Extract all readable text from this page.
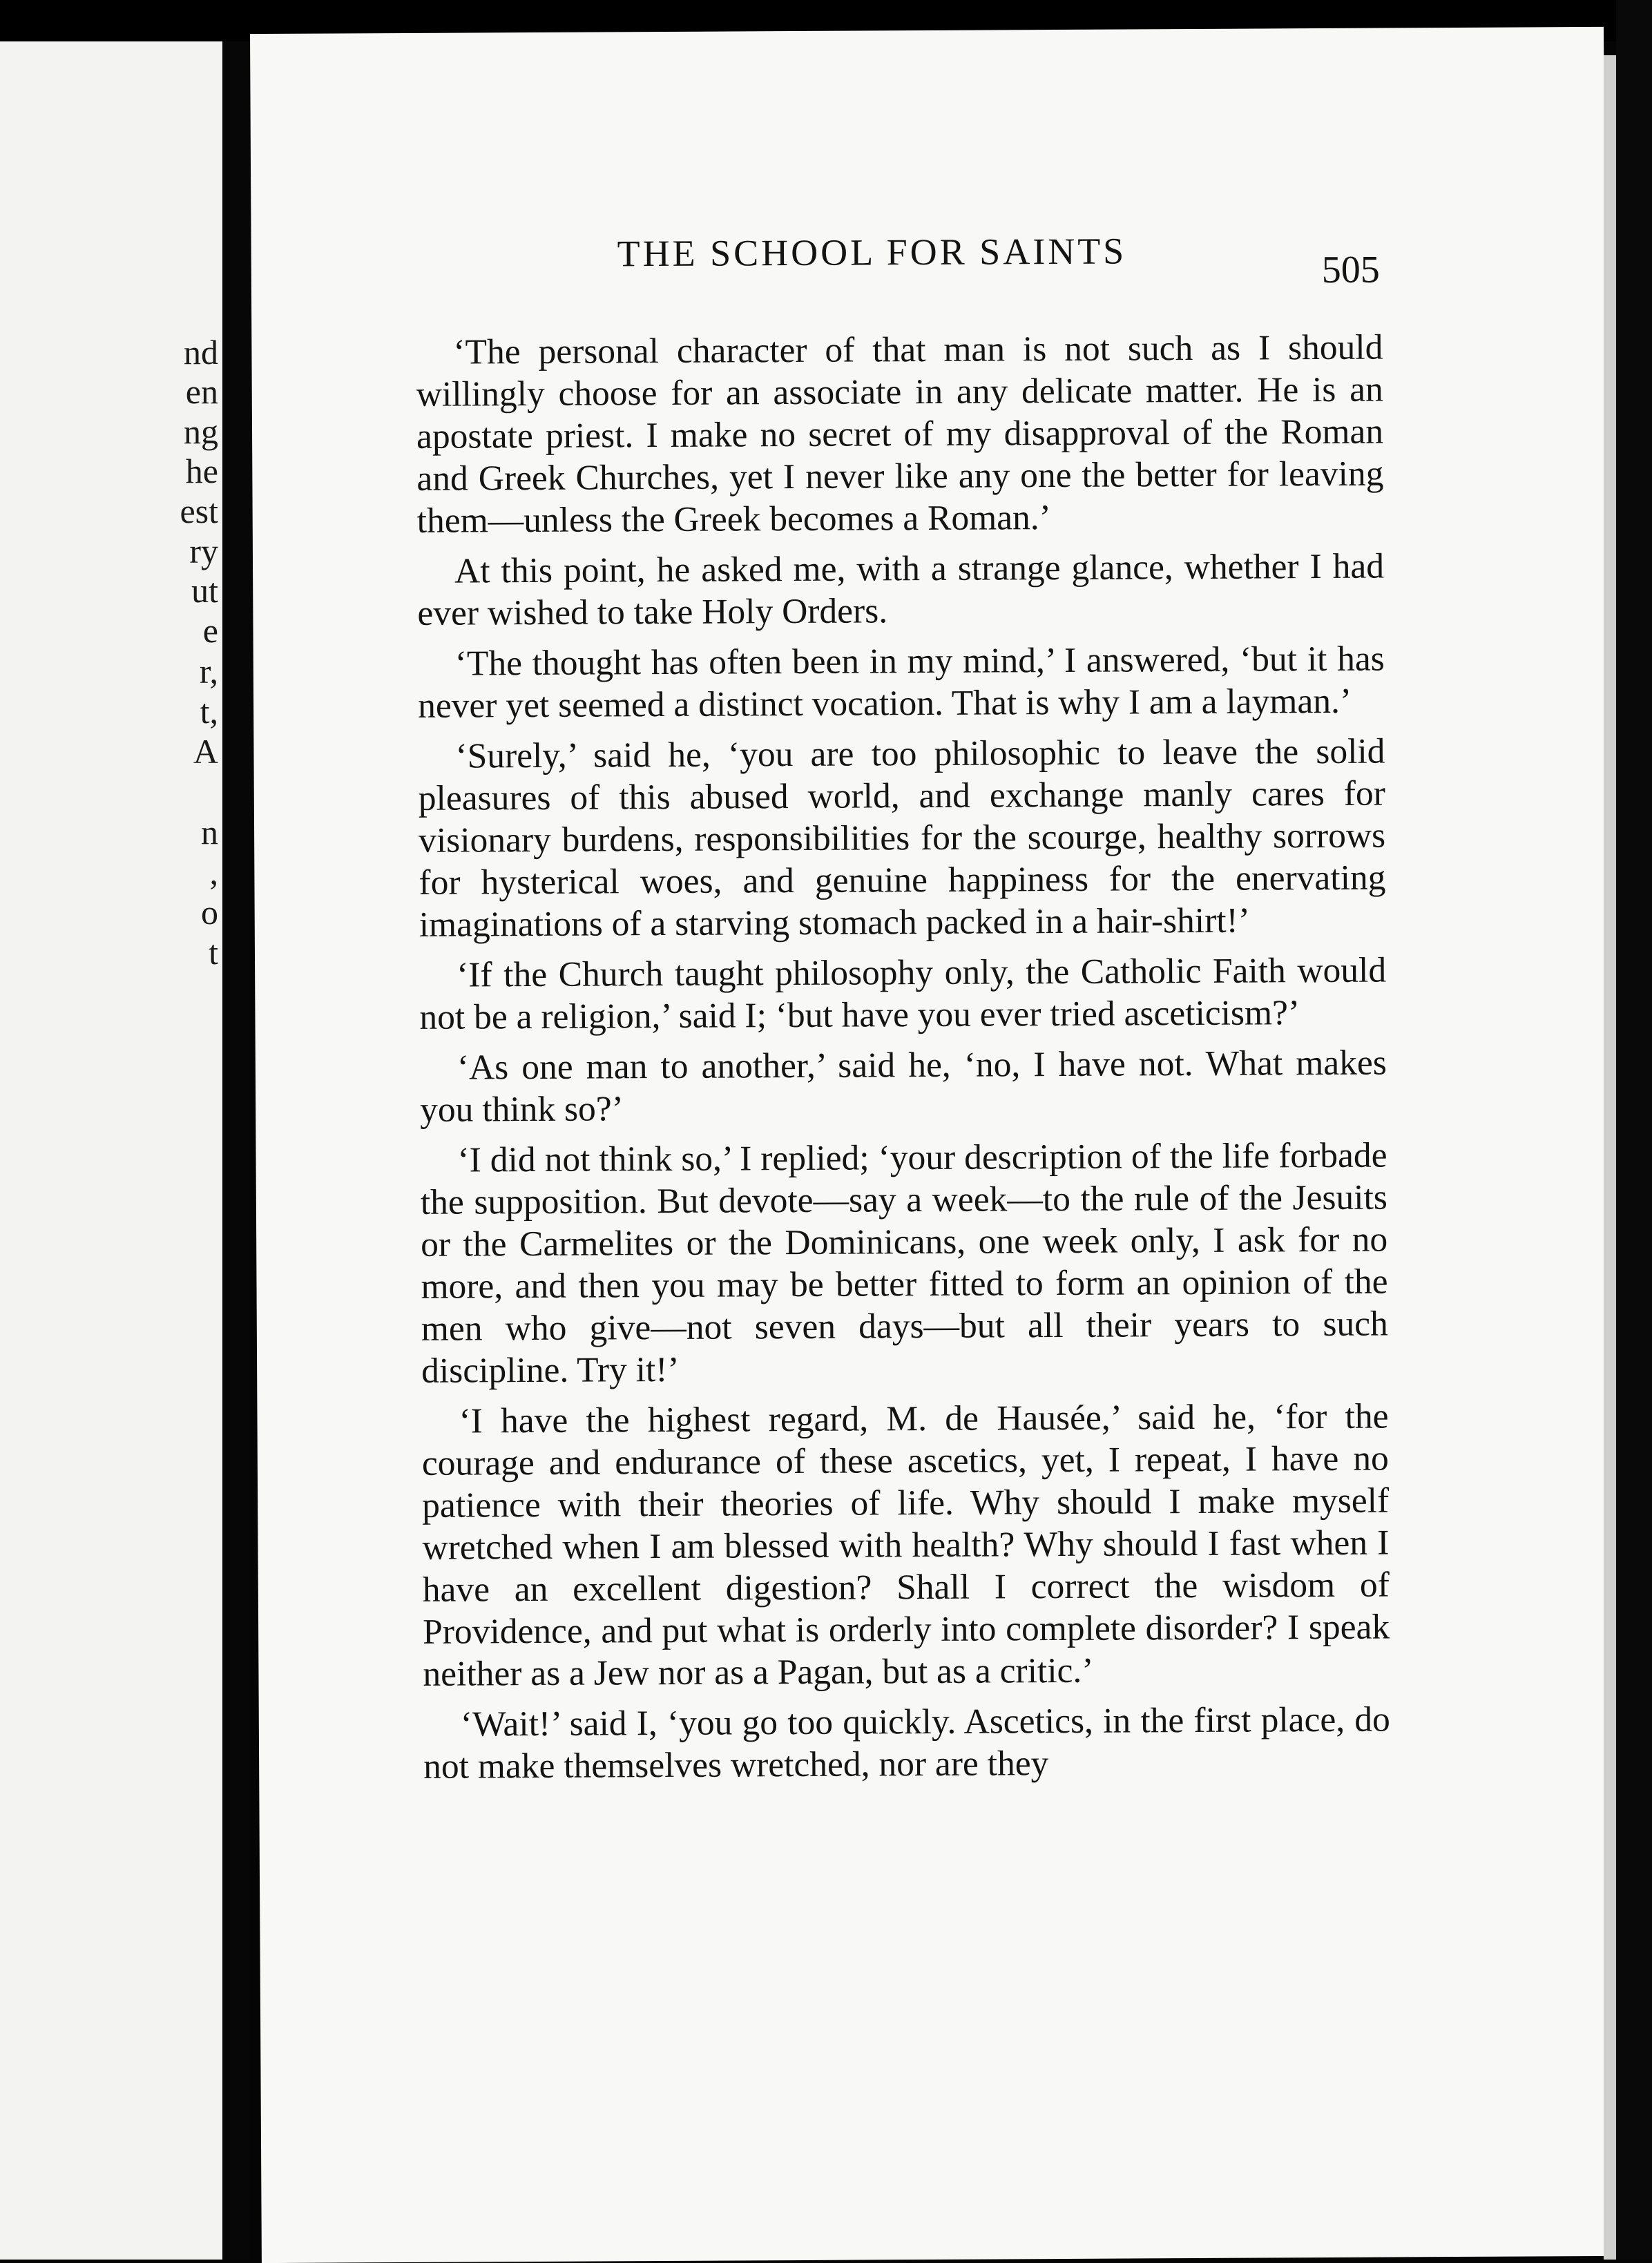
nd
en
ng
he
est
ry
ut
e
r,
t,
A
n
,
o
t
THE SCHOOL FOR SAINTS	505

‘The personal character of that man is not such as I should willingly choose for an associate in any delicate matter. He is an apostate priest. I make no secret of my disapproval of the Roman and Greek Churches, yet I never like any one the better for leaving them—unless the Greek becomes a Roman.’

At this point, he asked me, with a strange glance, whether I had ever wished to take Holy Orders.

‘The thought has often been in my mind,’ I answered, ‘but it has never yet seemed a distinct vocation. That is why I am a layman.’

‘Surely,’ said he, ‘you are too philosophic to leave the solid pleasures of this abused world, and exchange manly cares for visionary burdens, responsibilities for the scourge, healthy sorrows for hysterical woes, and genuine happiness for the enervating imaginations of a starving stomach packed in a hair-shirt!’

‘If the Church taught philosophy only, the Catholic Faith would not be a religion,’ said I; ‘but have you ever tried asceticism?’

‘As one man to another,’ said he, ‘no, I have not. What makes you think so?’

‘I did not think so,’ I replied; ‘your description of the life forbade the supposition. But devote—say a week—to the rule of the Jesuits or the Carmelites or the Dominicans, one week only, I ask for no more, and then you may be better fitted to form an opinion of the men who give—not seven days—but all their years to such discipline. Try it!’

‘I have the highest regard, M. de Hausée,’ said he, ‘for the courage and endurance of these ascetics, yet, I repeat, I have no patience with their theories of life. Why should I make myself wretched when I am blessed with health? Why should I fast when I have an excellent digestion? Shall I correct the wisdom of Providence, and put what is orderly into complete disorder? I speak neither as a Jew nor as a Pagan, but as a critic.’

‘Wait!’ said I, ‘you go too quickly. Ascetics, in the first place, do not make themselves wretched, nor are they
